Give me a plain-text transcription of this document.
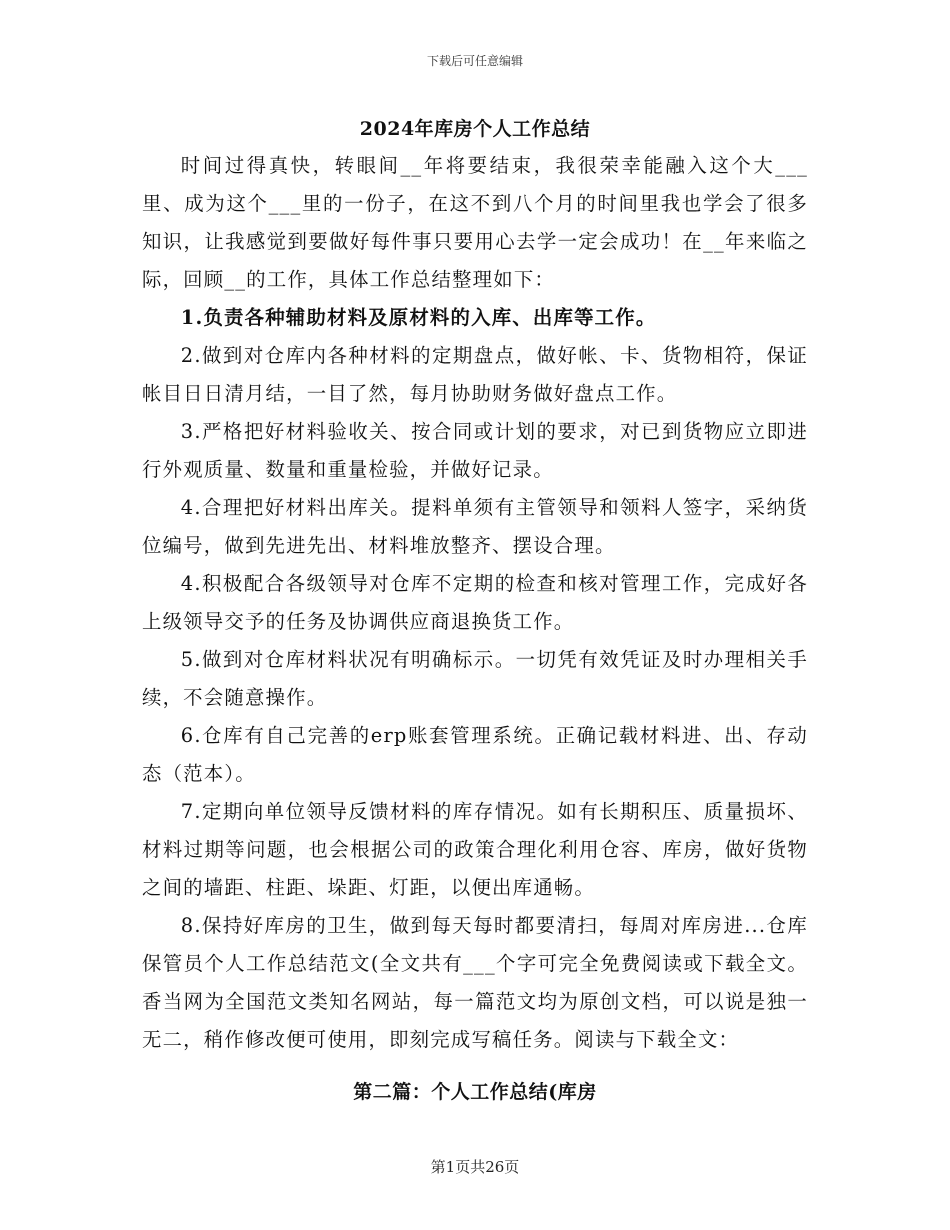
下载后可任意编辑
2024年库房个人工作总结

时间过得真快，转眼间__年将要结束，我很荣幸能融入这个大___里、成为这个___里的一份子，在这不到八个月的时间里我也学会了很多知识，让我感觉到要做好每件事只要用心去学一定会成功！在__年来临之际，回顾__的工作，具体工作总结整理如下：

1.负责各种辅助材料及原材料的入库、出库等工作。

2.做到对仓库内各种材料的定期盘点，做好帐、卡、货物相符，保证帐目日日清月结，一目了然，每月协助财务做好盘点工作。

3.严格把好材料验收关、按合同或计划的要求，对已到货物应立即进行外观质量、数量和重量检验，并做好记录。

4.合理把好材料出库关。提料单须有主管领导和领料人签字，采纳货位编号，做到先进先出、材料堆放整齐、摆设合理。

4.积极配合各级领导对仓库不定期的检查和核对管理工作，完成好各上级领导交予的任务及协调供应商退换货工作。

5.做到对仓库材料状况有明确标示。一切凭有效凭证及时办理相关手续，不会随意操作。

6.仓库有自己完善的erp账套管理系统。正确记载材料进、出、存动态（范本）。

7.定期向单位领导反馈材料的库存情况。如有长期积压、质量损坏、材料过期等问题，也会根据公司的政策合理化利用仓容、库房，做好货物之间的墙距、柱距、垛距、灯距，以便出库通畅。

8.保持好库房的卫生，做到每天每时都要清扫，每周对库房进...仓库保管员个人工作总结范文(全文共有___个字可完全免费阅读或下载全文。香当网为全国范文类知名网站，每一篇范文均为原创文档，可以说是独一无二，稍作修改便可使用，即刻完成写稿任务。阅读与下载全文：

第二篇：个人工作总结(库房
第1页共26页
